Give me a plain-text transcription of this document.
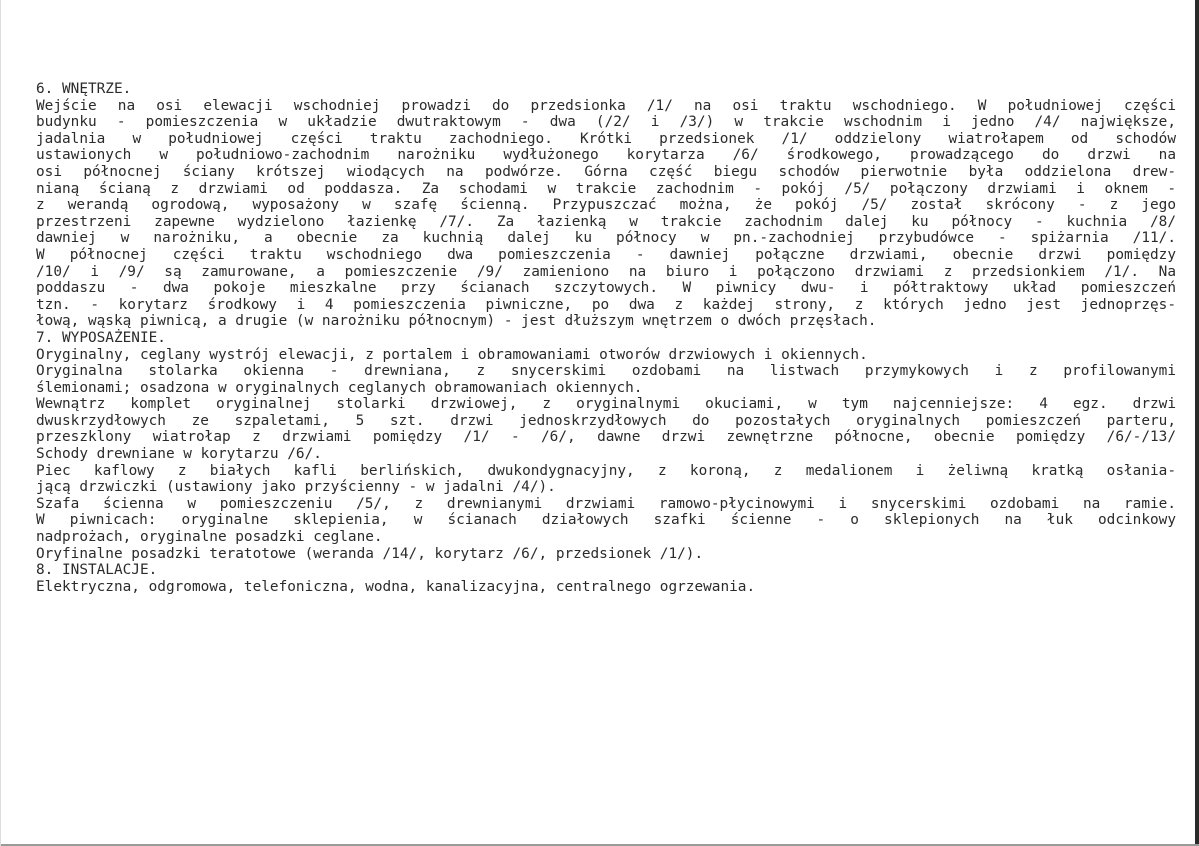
6. WNĘTRZE.
Wejście na osi elewacji wschodniej prowadzi do przedsionka /1/ na osi traktu wschodniego. W południowej części
budynku - pomieszczenia w układzie dwutraktowym - dwa (/2/ i /3/) w trakcie wschodnim i jedno /4/ największe,
jadalnia w południowej części traktu zachodniego. Krótki przedsionek /1/ oddzielony wiatrołapem od schodów
ustawionych w południowo-zachodnim narożniku wydłużonego korytarza /6/ środkowego, prowadzącego do drzwi na
osi północnej ściany krótszej wiodących na podwórze. Górna część biegu schodów pierwotnie była oddzielona drew-
nianą ścianą z drzwiami od poddasza. Za schodami w trakcie zachodnim - pokój /5/ połączony drzwiami i oknem -
z werandą ogrodową, wyposażony w szafę ścienną. Przypuszczać można, że pokój /5/ został skrócony - z jego
przestrzeni zapewne wydzielono łazienkę /7/. Za łazienką w trakcie zachodnim dalej ku północy - kuchnia /8/
dawniej w narożniku, a obecnie za kuchnią dalej ku północy w pn.-zachodniej przybudówce - spiżarnia /11/.
W północnej części traktu wschodniego dwa pomieszczenia - dawniej połączne drzwiami, obecnie drzwi pomiędzy
/10/ i /9/ są zamurowane, a pomieszczenie /9/ zamieniono na biuro i połączono drzwiami z przedsionkiem /1/. Na
poddaszu - dwa pokoje mieszkalne przy ścianach szczytowych. W piwnicy dwu- i półtraktowy układ pomieszczeń
tzn. - korytarz środkowy i 4 pomieszczenia piwniczne, po dwa z każdej strony, z których jedno jest jednoprzęs-
łową, wąską piwnicą, a drugie (w narożniku północnym) - jest dłuższym wnętrzem o dwóch przęsłach.
7. WYPOSAŻENIE.
Oryginalny, ceglany wystrój elewacji, z portalem i obramowaniami otworów drzwiowych i okiennych.
Oryginalna stolarka okienna - drewniana, z snycerskimi ozdobami na listwach przymykowych i z profilowanymi
ślemionami; osadzona w oryginalnych ceglanych obramowaniach okiennych.
Wewnątrz komplet oryginalnej stolarki drzwiowej, z oryginalnymi okuciami, w tym najcenniejsze: 4 egz. drzwi
dwuskrzydłowych ze szpaletami, 5 szt. drzwi jednoskrzydłowych do pozostałych oryginalnych pomieszczeń parteru,
przeszklony wiatrołap z drzwiami pomiędzy /1/ - /6/, dawne drzwi zewnętrzne północne, obecnie pomiędzy /6/-/13/
Schody drewniane w korytarzu /6/.
Piec kaflowy z białych kafli berlińskich, dwukondygnacyjny, z koroną, z medalionem i żeliwną kratką osłania-
jącą drzwiczki (ustawiony jako przyścienny - w jadalni /4/).
Szafa ścienna w pomieszczeniu /5/, z drewnianymi drzwiami ramowo-płycinowymi i snycerskimi ozdobami na ramie.
W piwnicach: oryginalne sklepienia, w ścianach działowych szafki ścienne - o sklepionych na łuk odcinkowy
nadprożach, oryginalne posadzki ceglane.
Oryfinalne posadzki teratotowe (weranda /14/, korytarz /6/, przedsionek /1/).
8. INSTALACJE.
Elektryczna, odgromowa, telefoniczna, wodna, kanalizacyjna, centralnego ogrzewania.
